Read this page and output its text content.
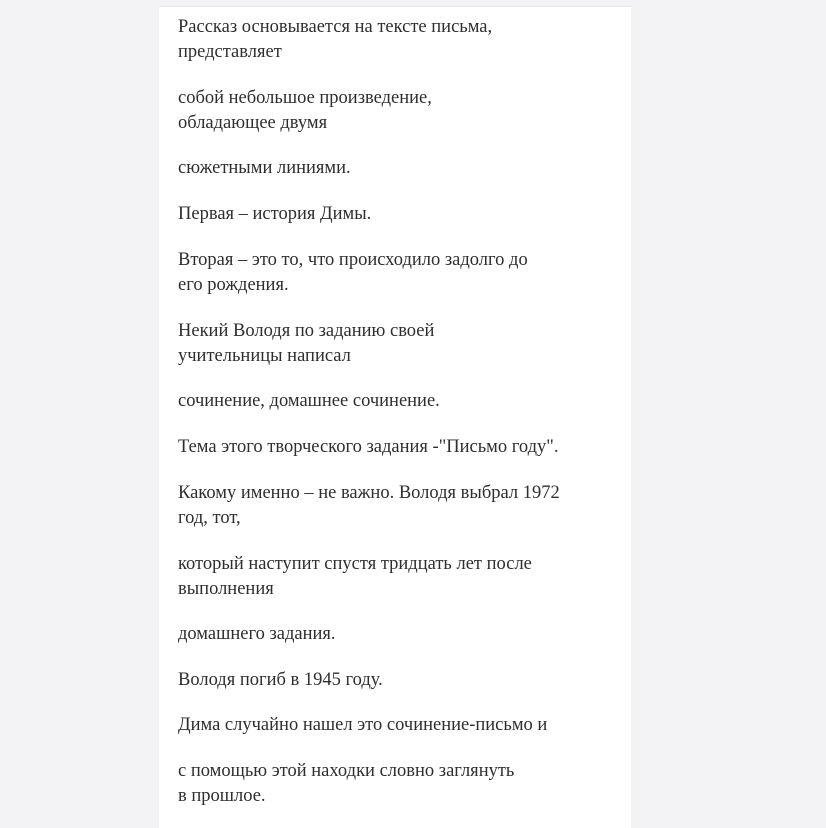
Рассказ основывается на тексте письма,
представляет

собой небольшое произведение,
обладающее двумя

сюжетными линиями.

Первая – история Димы.

Вторая – это то, что происходило задолго до
его рождения.

Некий Володя по заданию своей
учительницы написал

сочинение, домашнее сочинение.

Тема этого творческого задания -"Письмо году".

Какому именно – не важно. Володя выбрал 1972
год, тот,

который наступит спустя тридцать лет после
выполнения

домашнего задания.

Володя погиб в 1945 году.

Дима случайно нашел это сочинение-письмо и

с помощью этой находки словно заглянуть
в прошлое.
